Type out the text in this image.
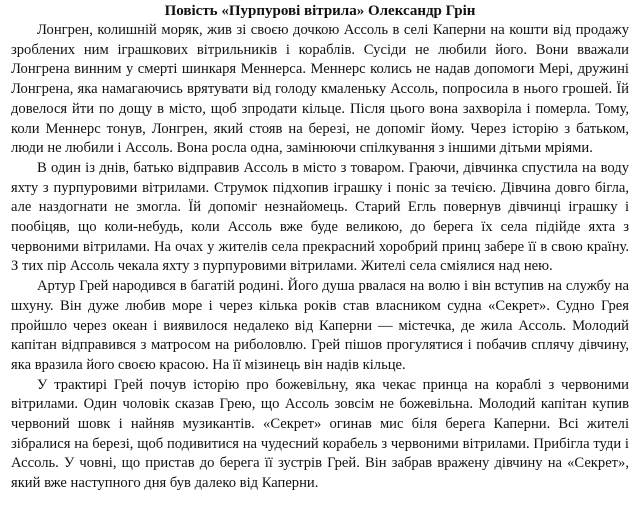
Повість «Пурпурові вітрила» Олександр Грін

Лонгрен, колишній моряк, жив зі своєю дочкою Ассоль в селі Каперни на кошти від продажу зроблених ним іграшкових вітрильників і кораблів. Сусіди не любили його. Вони вважали Лонгрена винним у смерті шинкаря Меннерса. Меннерс колись не надав допомоги Мері, дружині Лонгрена, яка намагаючись врятувати від голоду кмаленьку Ассоль, попросила в нього грошей. Їй довелося йти по дощу в місто, щоб зпродати кільце. Після цього вона захворіла і померла. Тому, коли Меннерс тонув, Лонгрен, який стояв на березі, не допоміг йому. Через історію з батьком, люди не любили і Ассоль. Вона росла одна, замінюючи спілкування з іншими дітьми мріями.

В один із днів, батько відправив Ассоль в місто з товаром. Граючи, дівчинка спустила на воду яхту з пурпуровими вітрилами. Струмок підхопив іграшку і поніс за течією. Дівчина довго бігла, але наздогнати не змогла. Їй допоміг незнайомець. Старий Егль повернув дівчинці іграшку і пообіцяв, що коли-небудь, коли Ассоль вже буде великою, до берега їх села підійде яхта з червоними вітрилами. На очах у жителів села прекрасний хоробрий принц забере її в свою країну. З тих пір Ассоль чекала яхту з пурпуровими вітрилами. Жителі села сміялися над нею.

Артур Грей народився в багатій родині. Його душа рвалася на волю і він вступив на службу на шхуну. Він дуже любив море і через кілька років став власником судна «Секрет». Судно Грея пройшло через океан і виявилося недалеко від Каперни — містечка, де жила Ассоль. Молодий капітан відправився з матросом на риболовлю. Грей пішов прогулятися і побачив сплячу дівчину, яка вразила його своєю красою. На її мізинець він надів кільце.

У трактирі Грей почув історію про божевільну, яка чекає принца на кораблі з червоними вітрилами. Один чоловік сказав Грею, що Ассоль зовсім не божевільна. Молодий капітан купив червоний шовк і найняв музикантів. «Секрет» огинав мис біля берега Каперни. Всі жителі зібралися на березі, щоб подивитися на чудесний корабель з червоними вітрилами. Прибігла туди і Ассоль. У човні, що пристав до берега її зустрів Грей. Він забрав вражену дівчину на «Секрет», який вже наступного дня був далеко від Каперни.
